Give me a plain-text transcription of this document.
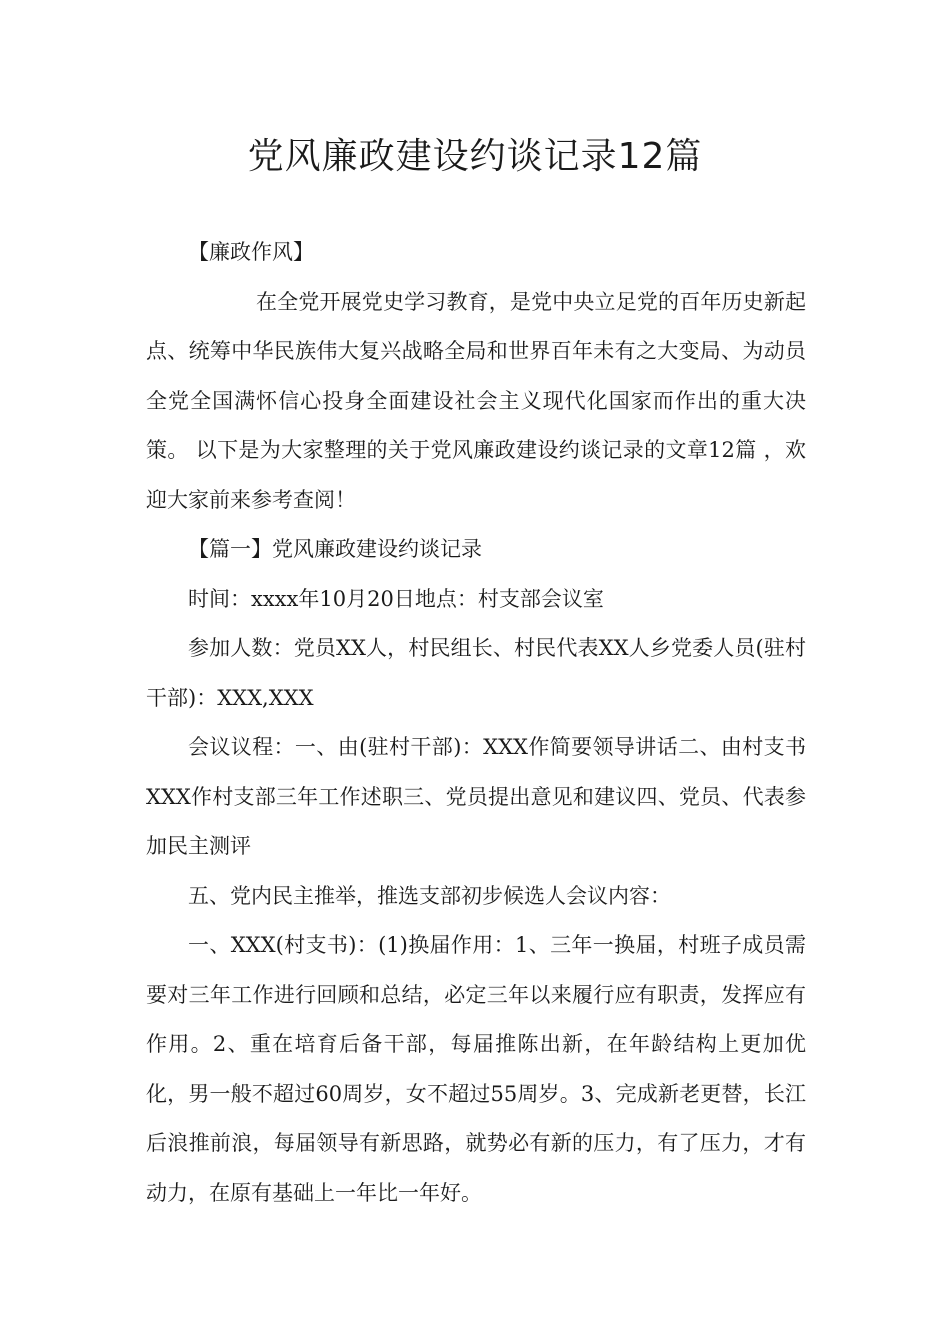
党风廉政建设约谈记录12篇

【廉政作风】

在全党开展党史学习教育，是党中央立足党的百年历史新起点、统筹中华民族伟大复兴战略全局和世界百年未有之大变局、为动员全党全国满怀信心投身全面建设社会主义现代化国家而作出的重大决策。 以下是为大家整理的关于党风廉政建设约谈记录的文章12篇 ，欢迎大家前来参考查阅！

【篇一】党风廉政建设约谈记录

时间：xxxx年10月20日地点：村支部会议室

参加人数：党员XX人，村民组长、村民代表XX人乡党委人员(驻村干部)：XXX,XXX

会议议程：一、由(驻村干部)：XXX作简要领导讲话二、由村支书XXX作村支部三年工作述职三、党员提出意见和建议四、党员、代表参加民主测评

五、党内民主推举，推选支部初步候选人会议内容：

一、XXX(村支书)：(1)换届作用：1、三年一换届，村班子成员需要对三年工作进行回顾和总结，必定三年以来履行应有职责，发挥应有作用。2、重在培育后备干部，每届推陈出新，在年龄结构上更加优化，男一般不超过60周岁，女不超过55周岁。3、完成新老更替，长江后浪推前浪，每届领导有新思路，就势必有新的压力，有了压力，才有动力，在原有基础上一年比一年好。
